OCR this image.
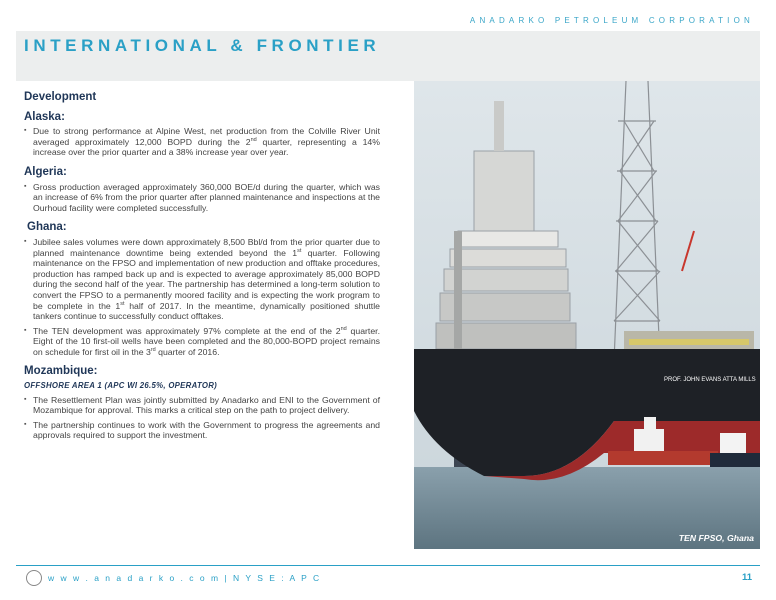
ANADARKO PETROLEUM CORPORATION
INTERNATIONAL & FRONTIER
Development
Alaska:
▪ Due to strong performance at Alpine West, net production from the Colville River Unit averaged approximately 12,000 BOPD during the 2nd quarter, representing a 14% increase over the prior quarter and a 38% increase year over year.
Algeria:
▪ Gross production averaged approximately 360,000 BOE/d during the quarter, which was an increase of 6% from the prior quarter after planned maintenance and inspections at the Ourhoud facility were completed successfully.
Ghana:
▪ Jubilee sales volumes were down approximately 8,500 Bbl/d from the prior quarter due to planned maintenance downtime being extended beyond the 1st quarter. Following maintenance on the FPSO and implementation of new production and offtake procedures, production has ramped back up and is expected to average approximately 85,000 BOPD during the second half of the year. The partnership has determined a long-term solution to convert the FPSO to a permanently moored facility and is expecting the work program to be complete in the 1st half of 2017. In the meantime, dynamically positioned shuttle tankers continue to successfully conduct offtakes.
▪ The TEN development was approximately 97% complete at the end of the 2nd quarter. Eight of the 10 first-oil wells have been completed and the 80,000-BOPD project remains on schedule for first oil in the 3rd quarter of 2016.
Mozambique:
OFFSHORE AREA 1 (APC WI 26.5%, OPERATOR)
▪ The Resettlement Plan was jointly submitted by Anadarko and ENI to the Government of Mozambique for approval. This marks a critical step on the path to project delivery.
▪ The partnership continues to work with the Government to progress the agreements and approvals required to support the investment.
PROF. JOHN EVANS ATTA MILLS
TEN FPSO, Ghana
w w w . a n a d a r k o . c o m | N Y S E : A P C	11
